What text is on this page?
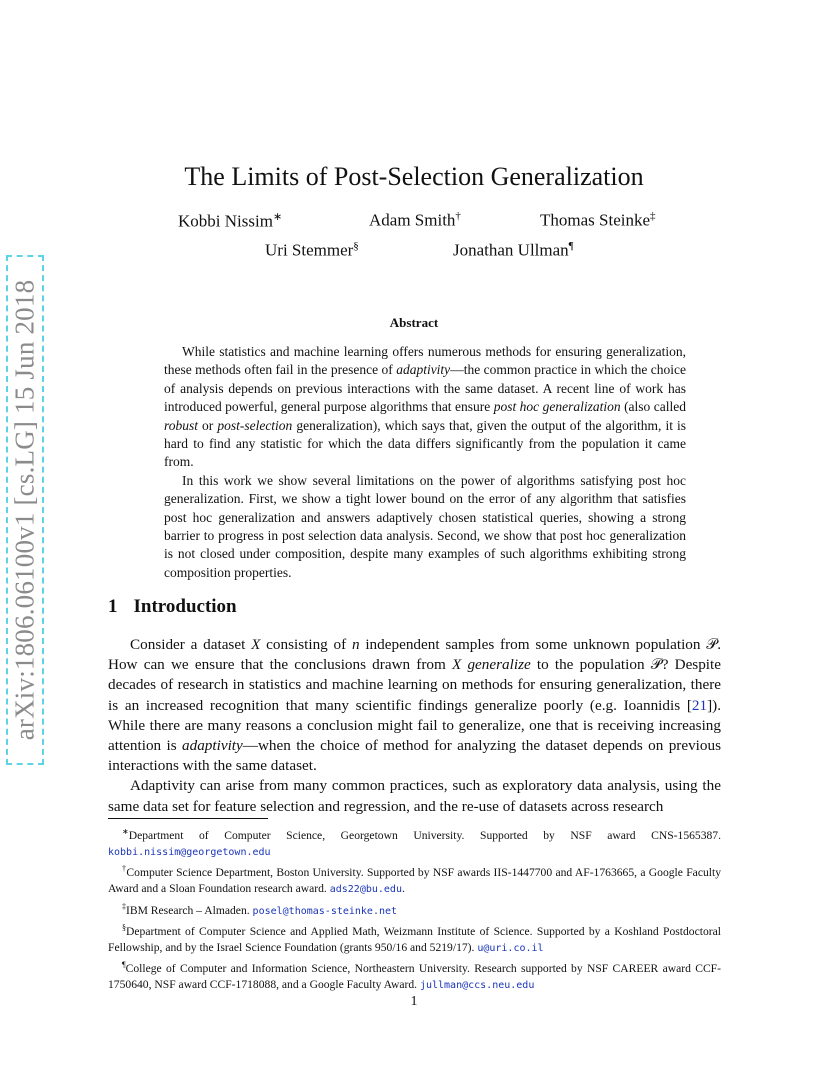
arXiv:1806.06100v1 [cs.LG] 15 Jun 2018
The Limits of Post-Selection Generalization
Kobbi Nissim∗	Adam Smith†	Thomas Steinke‡
Uri Stemmer§	Jonathan Ullman¶
Abstract

While statistics and machine learning offers numerous methods for ensuring generalization, these methods often fail in the presence of adaptivity—the common practice in which the choice of analysis depends on previous interactions with the same dataset. A recent line of work has introduced powerful, general purpose algorithms that ensure post hoc generalization (also called robust or post-selection generalization), which says that, given the output of the algorithm, it is hard to find any statistic for which the data differs significantly from the population it came from.

In this work we show several limitations on the power of algorithms satisfying post hoc generalization. First, we show a tight lower bound on the error of any algorithm that satisfies post hoc generalization and answers adaptively chosen statistical queries, showing a strong barrier to progress in post selection data analysis. Second, we show that post hoc generalization is not closed under composition, despite many examples of such algorithms exhibiting strong composition properties.

1 Introduction

Consider a dataset X consisting of n independent samples from some unknown population 𝒫. How can we ensure that the conclusions drawn from X generalize to the population 𝒫? Despite decades of research in statistics and machine learning on methods for ensuring generalization, there is an increased recognition that many scientific findings generalize poorly (e.g. Ioannidis [21]). While there are many reasons a conclusion might fail to generalize, one that is receiving increasing attention is adaptivity—when the choice of method for analyzing the dataset depends on previous interactions with the same dataset.

Adaptivity can arise from many common practices, such as exploratory data analysis, using the same data set for feature selection and regression, and the re-use of datasets across research

∗Department of Computer Science, Georgetown University. Supported by NSF award CNS-1565387. kobbi.nissim@georgetown.edu

†Computer Science Department, Boston University. Supported by NSF awards IIS-1447700 and AF-1763665, a Google Faculty Award and a Sloan Foundation research award. ads22@bu.edu.

‡IBM Research – Almaden. posel@thomas-steinke.net

§Department of Computer Science and Applied Math, Weizmann Institute of Science. Supported by a Koshland Postdoctoral Fellowship, and by the Israel Science Foundation (grants 950/16 and 5219/17). u@uri.co.il

¶College of Computer and Information Science, Northeastern University. Research supported by NSF CAREER award CCF-1750640, NSF award CCF-1718088, and a Google Faculty Award. jullman@ccs.neu.edu

1
